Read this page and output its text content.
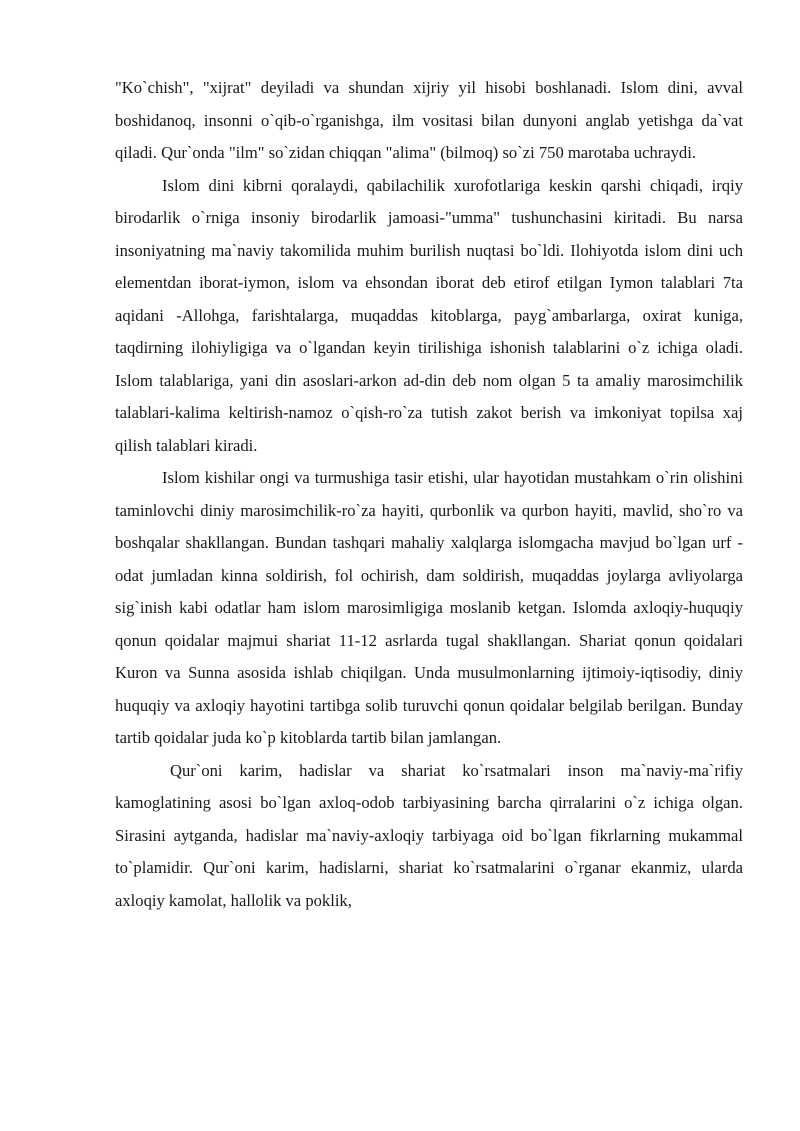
"Ko`chish", "xijrat" deyiladi va shundan xijriy yil hisobi boshlanadi. Islom dini, avval boshidanoq, insonni o`qib-o`rganishga, ilm vositasi bilan dunyoni anglab yetishga da`vat qiladi. Qur`onda "ilm" so`zidan chiqqan "alima" (bilmoq) so`zi 750 marotaba uchraydi.

Islom dini kibrni qoralaydi, qabilachilik xurofotlariga keskin qarshi chiqadi, irqiy birodarlik o`rniga insoniy birodarlik jamoasi-"umma" tushunchasini kiritadi. Bu narsa insoniyatning ma`naviy takomilida muhim burilish nuqtasi bo`ldi. Ilohiyotda islom dini uch elementdan iborat-iymon, islom va ehsondan iborat deb etirof etilgan Iymon talablari 7ta aqidani -Allohga, farishtalarga, muqaddas kitoblarga, payg`ambarlarga, oxirat kuniga, taqdirning ilohiyligiga va o`lgandan keyin tirilishiga ishonish talablarini o`z ichiga oladi. Islom talablariga, yani din asoslari-arkon ad-din deb nom olgan 5 ta amaliy marosimchilik talablari-kalima keltirish-namoz o`qish-ro`za tutish zakot berish va imkoniyat topilsa xaj qilish talablari kiradi.

Islom kishilar ongi va turmushiga tasir etishi, ular hayotidan mustahkam o`rin olishini taminlovchi diniy marosimchilik-ro`za hayiti, qurbonlik va qurbon hayiti, mavlid, sho`ro va boshqalar shakllangan. Bundan tashqari mahaliy xalqlarga islomgacha mavjud bo`lgan urf -odat jumladan kinna soldirish, fol ochirish, dam soldirish, muqaddas joylarga avliyolarga sig`inish kabi odatlar ham islom marosimligiga moslanib ketgan. Islomda axloqiy-huquqiy qonun qoidalar majmui shariat 11-12 asrlarda tugal shakllangan. Shariat qonun qoidalari Kuron va Sunna asosida ishlab chiqilgan. Unda musulmonlarning ijtimoiy-iqtisodiy, diniy huquqiy va axloqiy hayotini tartibga solib turuvchi qonun qoidalar belgilab berilgan. Bunday tartib qoidalar juda ko`p kitoblarda tartib bilan jamlangan.

Qur`oni karim, hadislar va shariat ko`rsatmalari inson ma`naviy-ma`rifiy kamoglatining asosi bo`lgan axloq-odob tarbiyasining barcha qirralarini o`z ichiga olgan. Sirasini aytganda, hadislar ma`naviy-axloqiy tarbiyaga oid bo`lgan fikrlarning mukammal to`plamidir. Qur`oni karim, hadislarni, shariat ko`rsatmalarini o`rganar ekanmiz, ularda axloqiy kamolat, hallolik va poklik,
